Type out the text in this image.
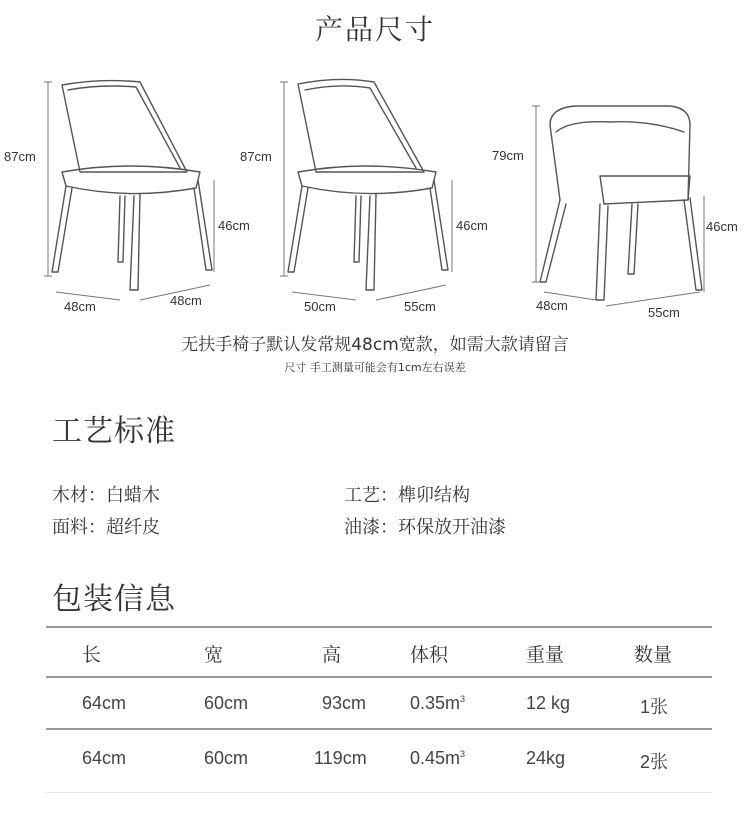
产品尺寸
87cm
46cm
48cm	48cm
87cm
46cm
50cm	55cm
79cm
46cm
48cm	55cm
无扶手椅子默认发常规48cm宽款，如需大款请留言
尺寸 手工测量可能会有1cm左右误差
工艺标准
木材：白蜡木	工艺：榫卯结构
面料：超纤皮	油漆：环保放开油漆
包装信息
长	宽	高	体积	重量	数量
64cm	60cm	93cm $0.35m^3$	12 kg	1张
64cm	60cm	119cm $0.45m^3$	24kg	2张
